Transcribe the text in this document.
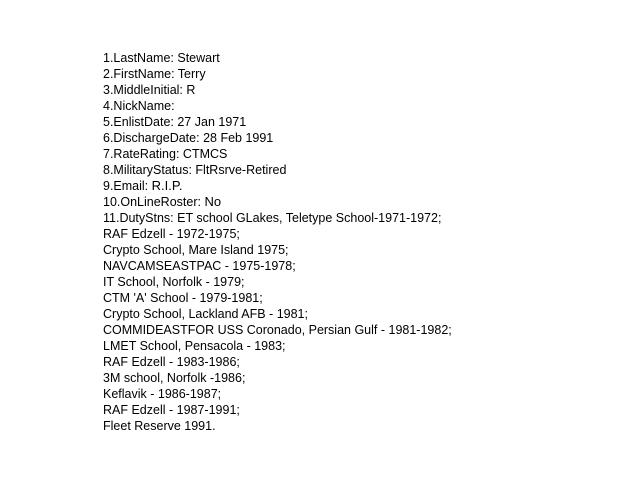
1.LastName: Stewart
2.FirstName: Terry
3.MiddleInitial: R
4.NickName:
5.EnlistDate: 27 Jan 1971
6.DischargeDate: 28 Feb 1991
7.RateRating: CTMCS
8.MilitaryStatus: FltRsrve-Retired
9.Email: R.I.P.
10.OnLineRoster: No
11.DutyStns: ET school GLakes, Teletype School-1971-1972;
RAF Edzell - 1972-1975;
Crypto School, Mare Island 1975;
NAVCAMSEASTPAC - 1975-1978;
IT School, Norfolk - 1979;
CTM 'A' School - 1979-1981;
Crypto School, Lackland AFB - 1981;
COMMIDEASTFOR USS Coronado, Persian Gulf - 1981-1982;
LMET School, Pensacola - 1983;
RAF Edzell - 1983-1986;
3M school, Norfolk -1986;
Keflavik - 1986-1987;
RAF Edzell - 1987-1991;
Fleet Reserve 1991.
